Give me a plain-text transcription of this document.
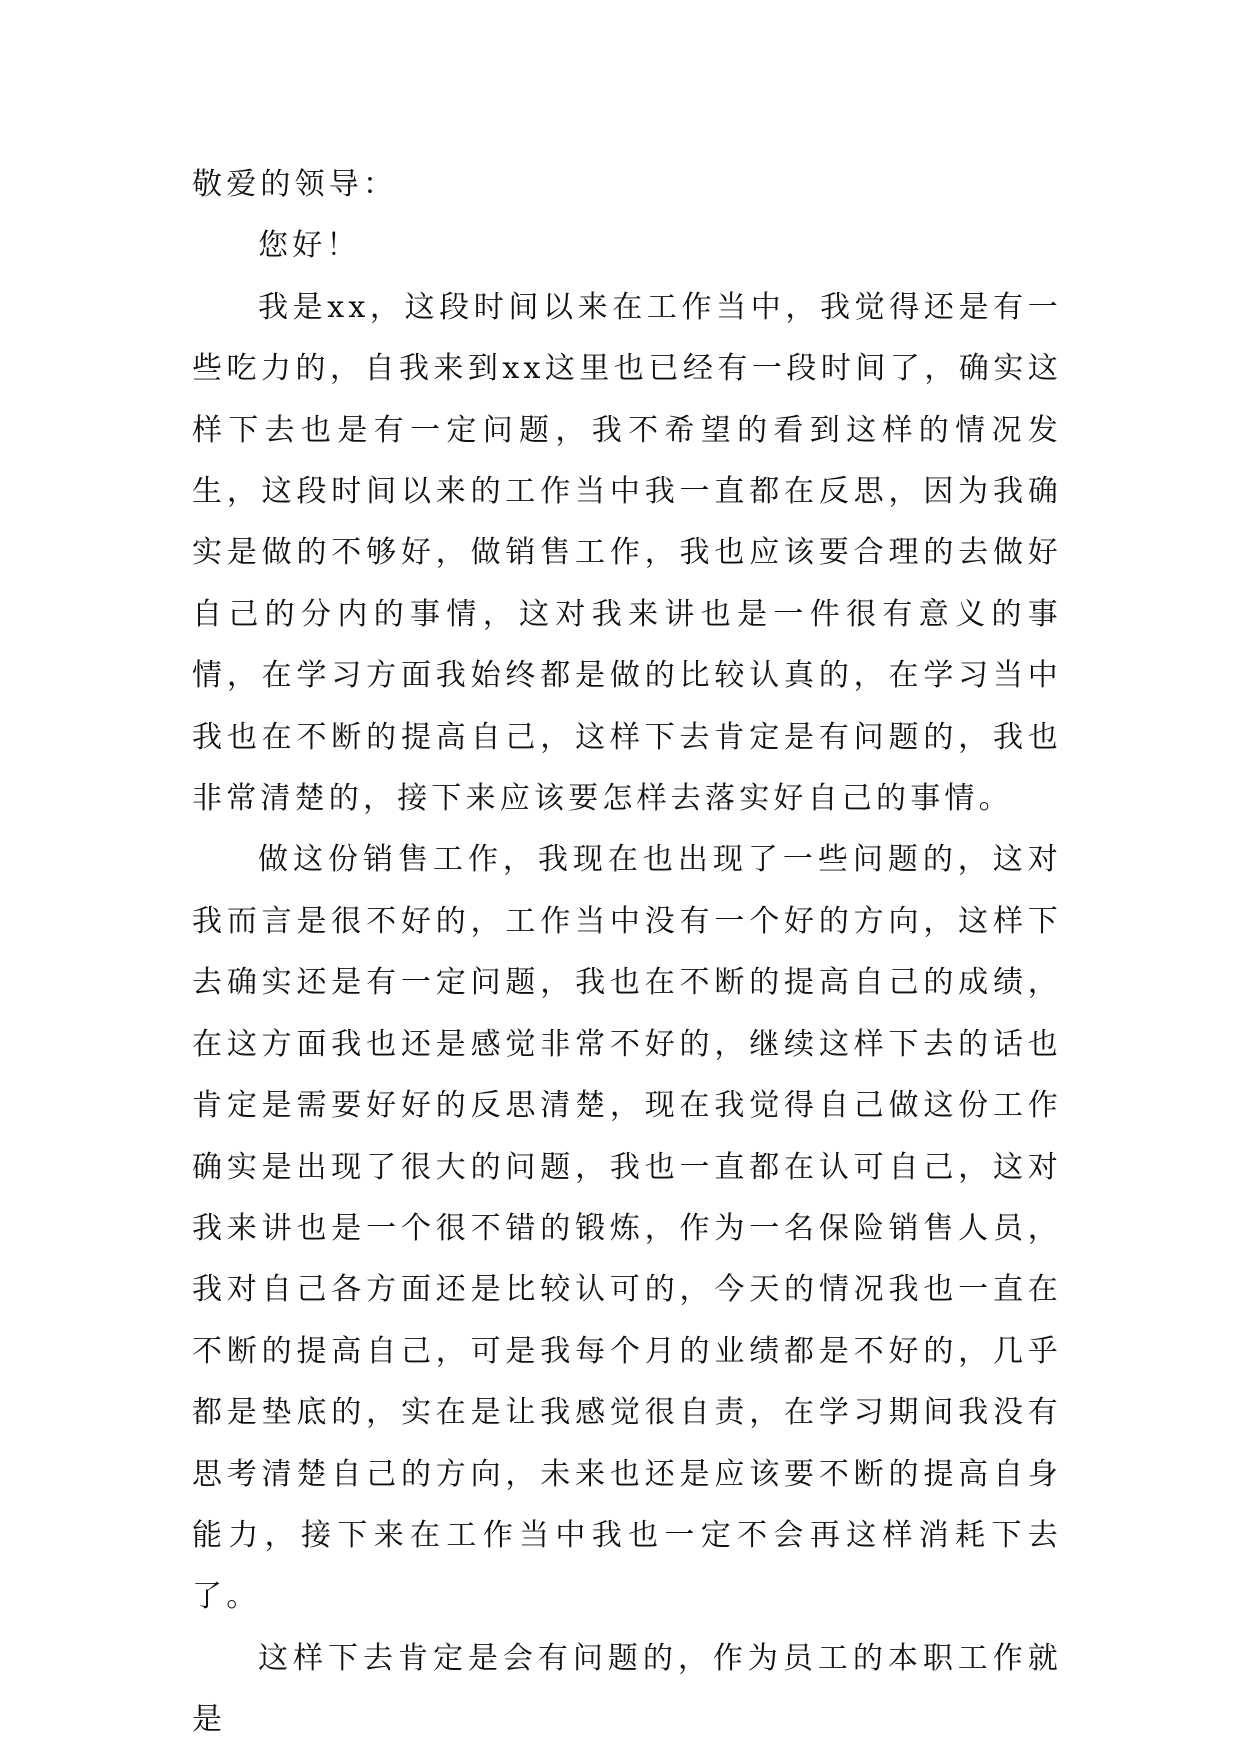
敬爱的领导：

您好！

我是xx，这段时间以来在工作当中，我觉得还是有一些吃力的，自我来到xx这里也已经有一段时间了，确实这样下去也是有一定问题，我不希望的看到这样的情况发生，这段时间以来的工作当中我一直都在反思，因为我确实是做的不够好，做销售工作，我也应该要合理的去做好自己的分内的事情，这对我来讲也是一件很有意义的事情，在学习方面我始终都是做的比较认真的，在学习当中我也在不断的提高自己，这样下去肯定是有问题的，我也非常清楚的，接下来应该要怎样去落实好自己的事情。

做这份销售工作，我现在也出现了一些问题的，这对我而言是很不好的，工作当中没有一个好的方向，这样下去确实还是有一定问题，我也在不断的提高自己的成绩，在这方面我也还是感觉非常不好的，继续这样下去的话也肯定是需要好好的反思清楚，现在我觉得自己做这份工作确实是出现了很大的问题，我也一直都在认可自己，这对我来讲也是一个很不错的锻炼，作为一名保险销售人员，我对自己各方面还是比较认可的，今天的情况我也一直在不断的提高自己，可是我每个月的业绩都是不好的，几乎都是垫底的，实在是让我感觉很自责，在学习期间我没有思考清楚自己的方向，未来也还是应该要不断的提高自身能力，接下来在工作当中我也一定不会再这样消耗下去了。

这样下去肯定是会有问题的，作为员工的本职工作就是
